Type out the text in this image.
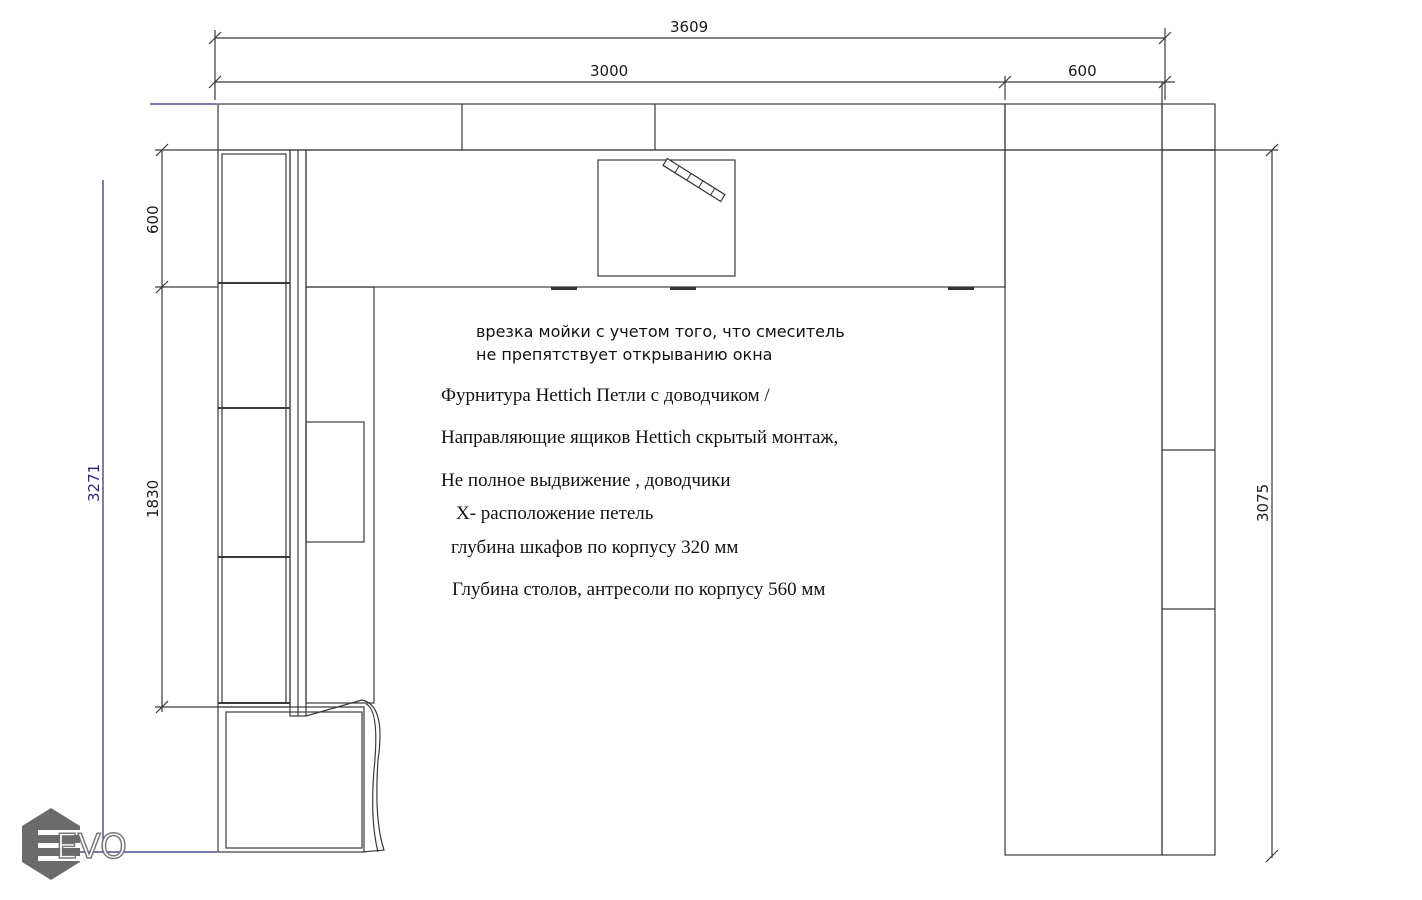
3609
3000	600
600
1830
3271
3075
врезка мойки с учетом того, что смеситель
не препятствует открыванию окна
Фурнитура Hettich Петли с доводчиком /
Направляющие ящиков Hettich скрытый монтаж,
Не полное выдвижение , доводчики
X- расположение петель
глубина шкафов по корпусу 320 мм
Глубина столов, антресоли по корпусу 560 мм
EVO
